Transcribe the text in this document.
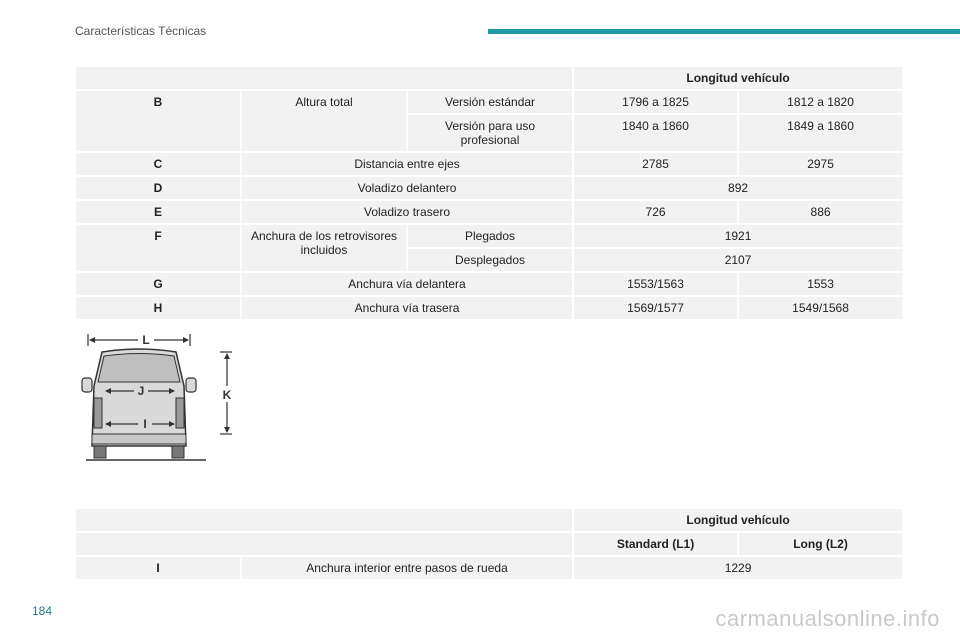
Características Técnicas
			Longitud vehículo	
B	Altura total	Versión estándar	1796 a 1825	1812 a 1820
		Versión para uso profesional	1840 a 1860	1849 a 1860
C	Distancia entre ejes		2785	2975
D	Voladizo delantero		892	
E	Voladizo trasero		726	886
F	Anchura de los retrovisores incluidos	Plegados	1921	
		Desplegados	2107	
G	Anchura vía delantera		1553/1563	1553
H	Anchura vía trasera		1569/1577	1549/1568
L
J
I
K
		Longitud vehículo	
		Standard (L1)	Long (L2)
I	Anchura interior entre pasos de rueda	1229	
184	carmanualsonline.info
